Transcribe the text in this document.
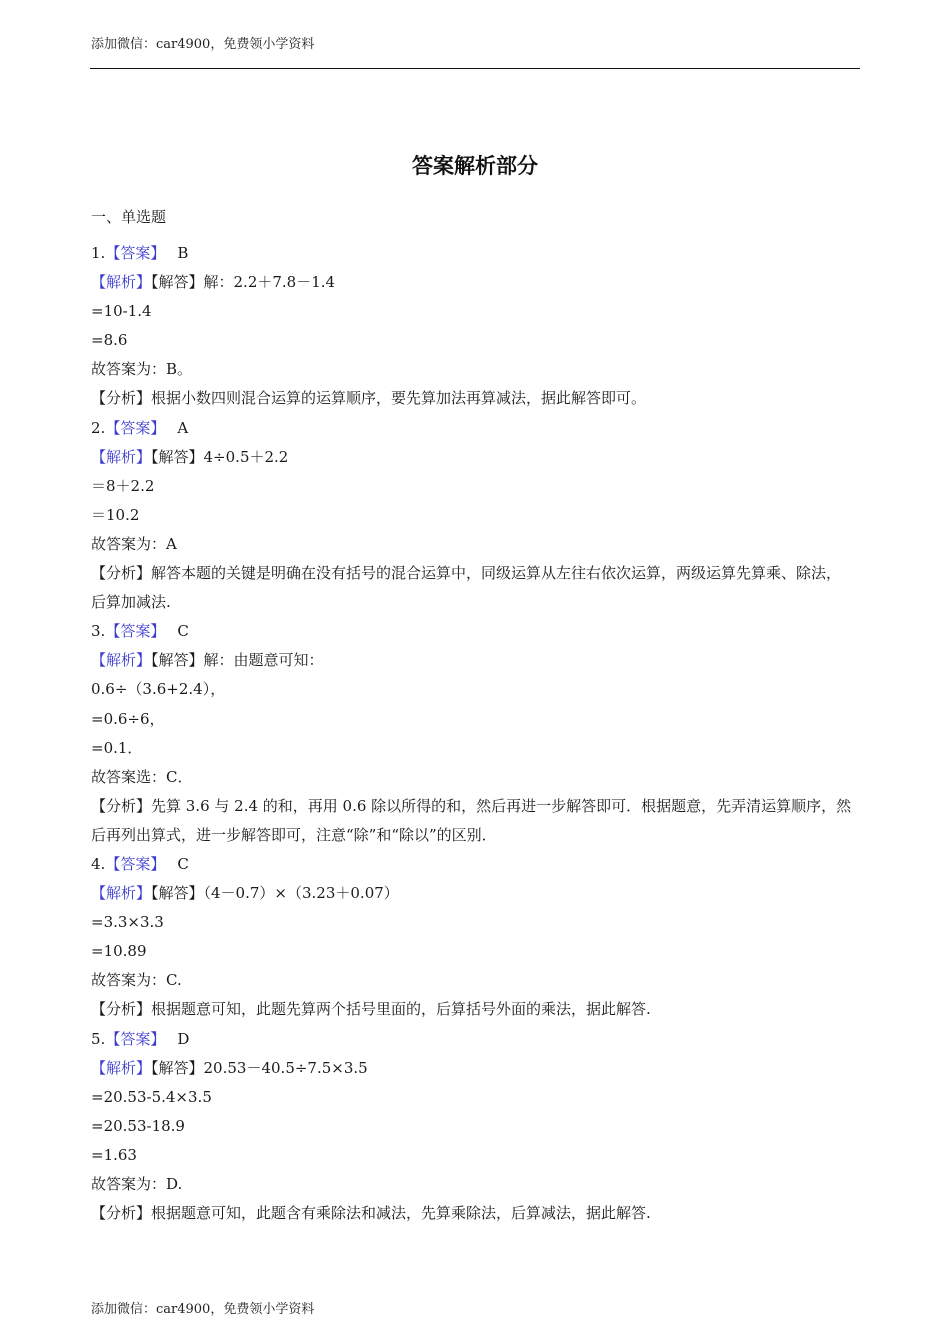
添加微信：car4900，免费领小学资料
答案解析部分
一、单选题
1.【答案】 B
【解析】【解答】解：2.2＋7.8－1.4
=10-1.4
=8.6
故答案为：B。
【分析】根据小数四则混合运算的运算顺序，要先算加法再算减法，据此解答即可。
2.【答案】 A
【解析】【解答】4÷0.5＋2.2
＝8＋2.2
＝10.2
故答案为：A
【分析】解答本题的关键是明确在没有括号的混合运算中，同级运算从左往右依次运算，两级运算先算乘、除法，后算加减法.
3.【答案】 C
【解析】【解答】解：由题意可知：
0.6÷（3.6+2.4），
=0.6÷6，
=0.1．
故答案选：C．
【分析】先算 3.6 与 2.4 的和，再用 0.6 除以所得的和，然后再进一步解答即可．根据题意，先弄清运算顺序，然后再列出算式，进一步解答即可，注意“除”和“除以”的区别．
4.【答案】 C
【解析】【解答】（4－0.7）×（3.23＋0.07）
=3.3×3.3
=10.89
故答案为：C.
【分析】根据题意可知，此题先算两个括号里面的，后算括号外面的乘法，据此解答.
5.【答案】 D
【解析】【解答】20.53－40.5÷7.5×3.5
=20.53-5.4×3.5
=20.53-18.9
=1.63
故答案为：D.
【分析】根据题意可知，此题含有乘除法和减法，先算乘除法，后算减法，据此解答.
添加微信：car4900，免费领小学资料
